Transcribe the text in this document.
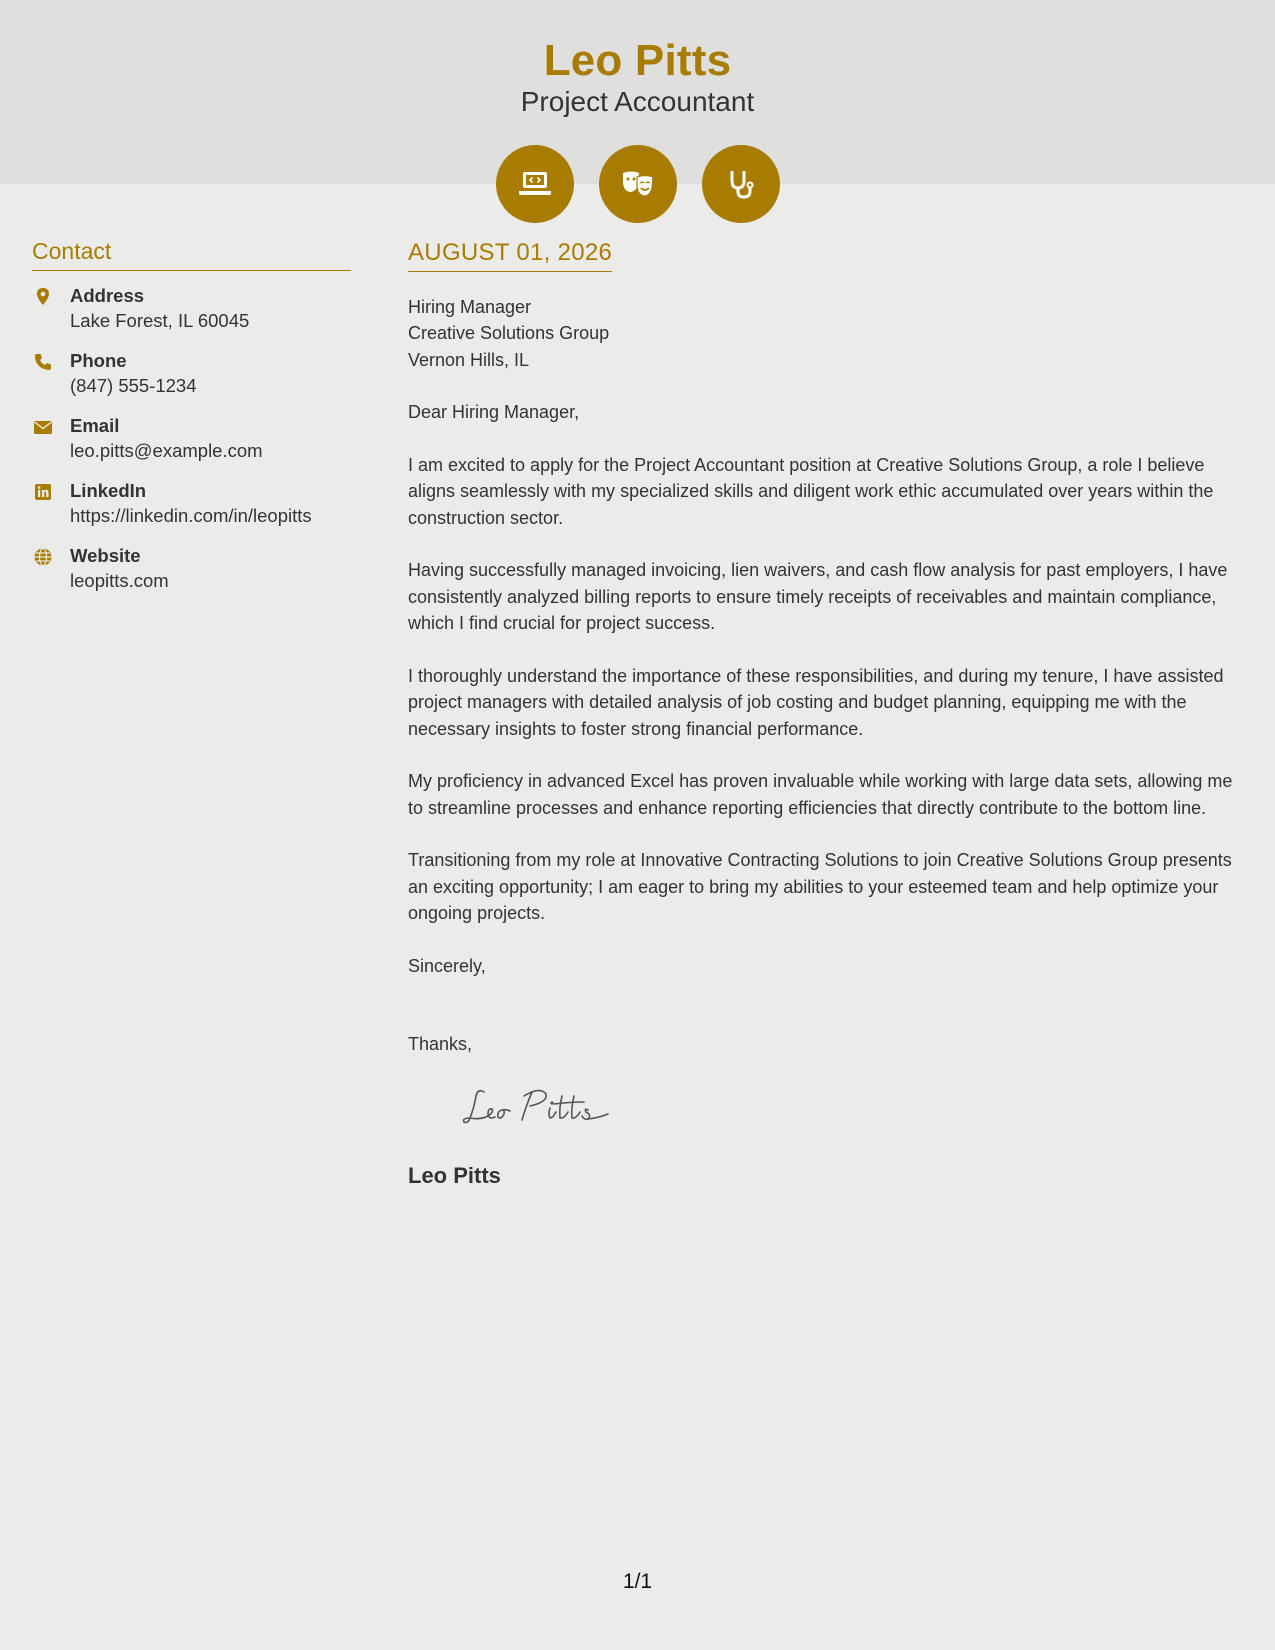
Leo Pitts
Project Accountant
Contact
Address
Lake Forest, IL 60045
Phone
(847) 555-1234
Email
leo.pitts@example.com
LinkedIn
https://linkedin.com/in/leopitts
Website
leopitts.com
AUGUST 01, 2026
Hiring Manager
Creative Solutions Group
Vernon Hills, IL
Dear Hiring Manager,
I am excited to apply for the Project Accountant position at Creative Solutions Group, a role I believe aligns seamlessly with my specialized skills and diligent work ethic accumulated over years within the construction sector.
Having successfully managed invoicing, lien waivers, and cash flow analysis for past employers, I have consistently analyzed billing reports to ensure timely receipts of receivables and maintain compliance, which I find crucial for project success.
I thoroughly understand the importance of these responsibilities, and during my tenure, I have assisted project managers with detailed analysis of job costing and budget planning, equipping me with the necessary insights to foster strong financial performance.
My proficiency in advanced Excel has proven invaluable while working with large data sets, allowing me to streamline processes and enhance reporting efficiencies that directly contribute to the bottom line.
Transitioning from my role at Innovative Contracting Solutions to join Creative Solutions Group presents an exciting opportunity; I am eager to bring my abilities to your esteemed team and help optimize your ongoing projects.
Sincerely,
Thanks,
Leo Pitts
1/1
